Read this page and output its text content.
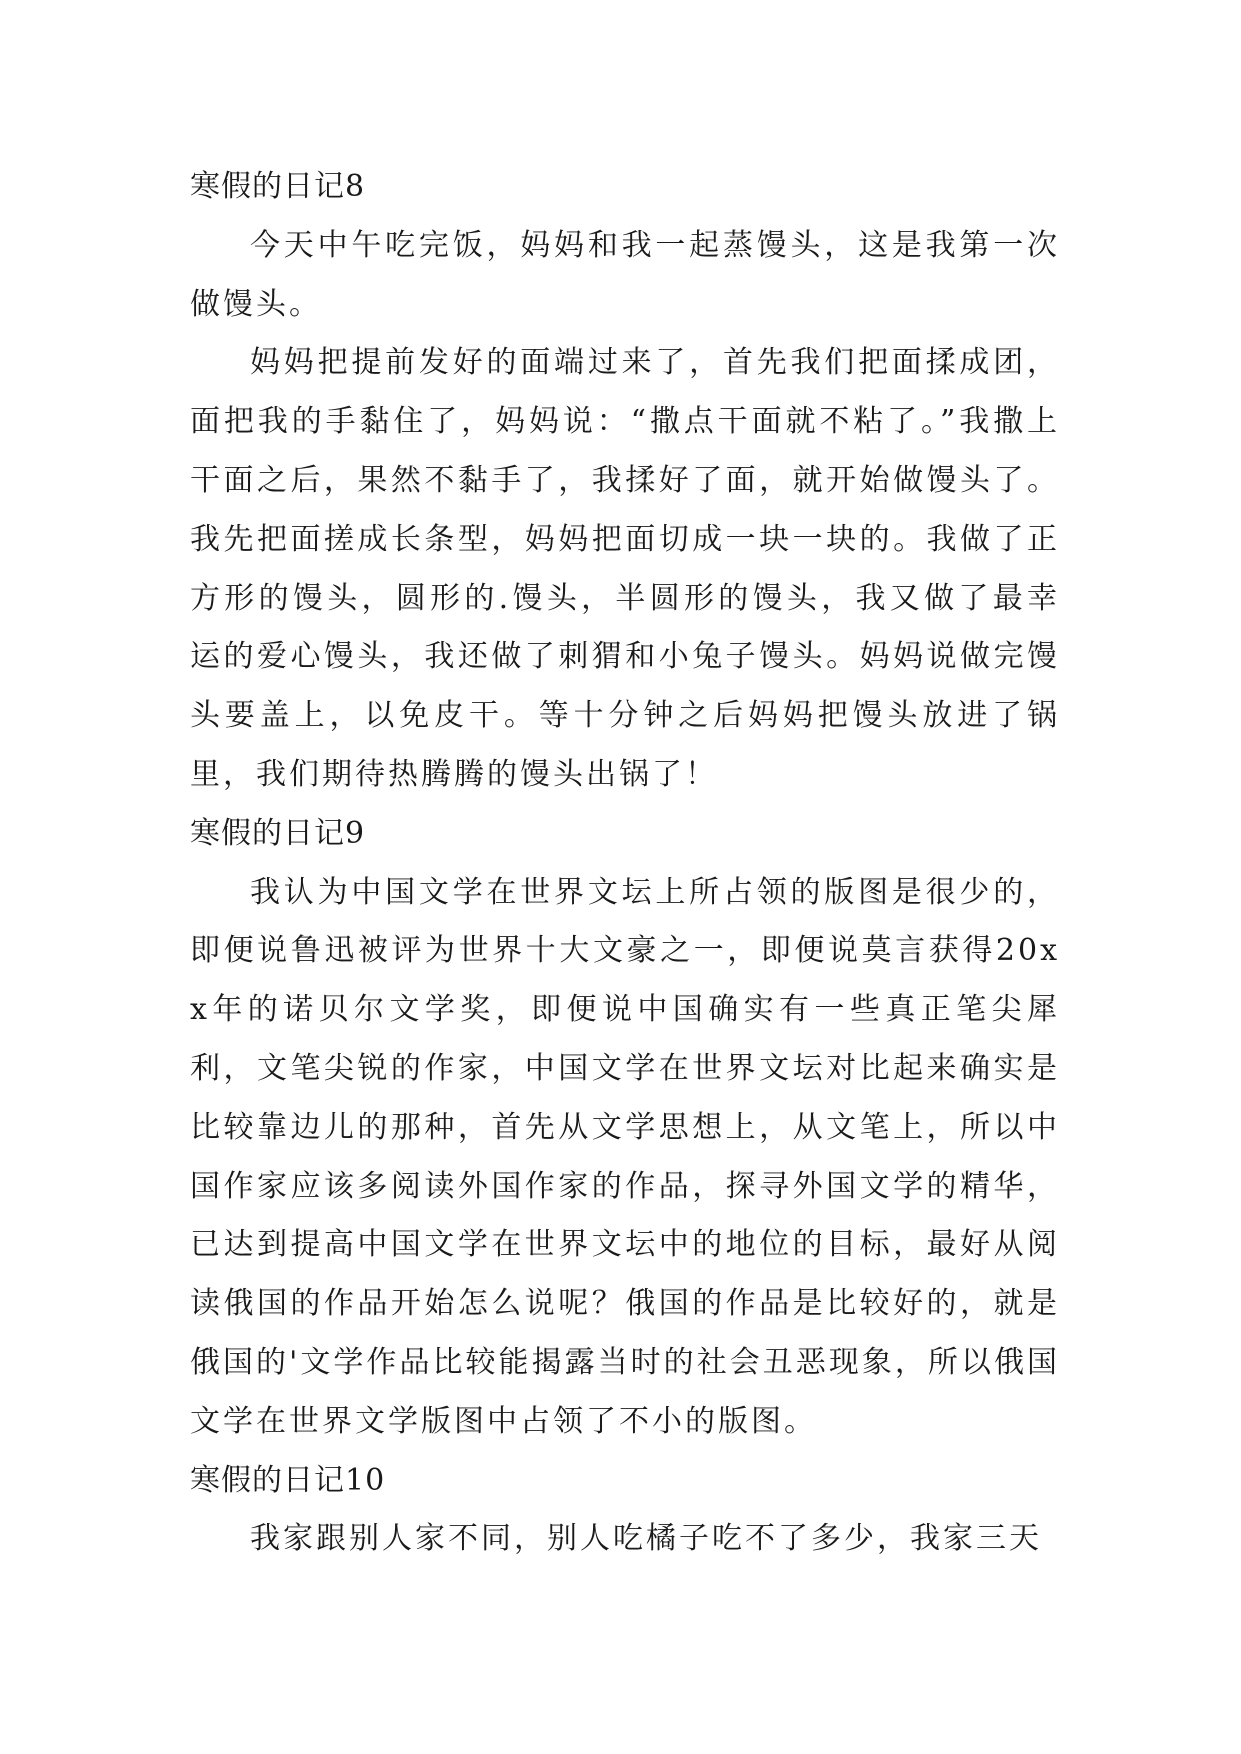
寒假的日记8

今天中午吃完饭，妈妈和我一起蒸馒头，这是我第一次做馒头。

妈妈把提前发好的面端过来了，首先我们把面揉成团，面把我的手黏住了，妈妈说：“撒点干面就不粘了。”我撒上干面之后，果然不黏手了，我揉好了面，就开始做馒头了。我先把面搓成长条型，妈妈把面切成一块一块的。我做了正方形的馒头，圆形的.馒头，半圆形的馒头，我又做了最幸运的爱心馒头，我还做了刺猬和小兔子馒头。妈妈说做完馒头要盖上，以免皮干。等十分钟之后妈妈把馒头放进了锅里，我们期待热腾腾的馒头出锅了！

寒假的日记9

我认为中国文学在世界文坛上所占领的版图是很少的，即便说鲁迅被评为世界十大文豪之一，即便说莫言获得20xx年的诺贝尔文学奖，即便说中国确实有一些真正笔尖犀利，文笔尖锐的作家，中国文学在世界文坛对比起来确实是比较靠边儿的那种，首先从文学思想上，从文笔上，所以中国作家应该多阅读外国作家的作品，探寻外国文学的精华，已达到提高中国文学在世界文坛中的地位的目标，最好从阅读俄国的作品开始怎么说呢？俄国的作品是比较好的，就是俄国的'文学作品比较能揭露当时的社会丑恶现象，所以俄国文学在世界文学版图中占领了不小的版图。

寒假的日记10

我家跟别人家不同，别人吃橘子吃不了多少，我家三天
